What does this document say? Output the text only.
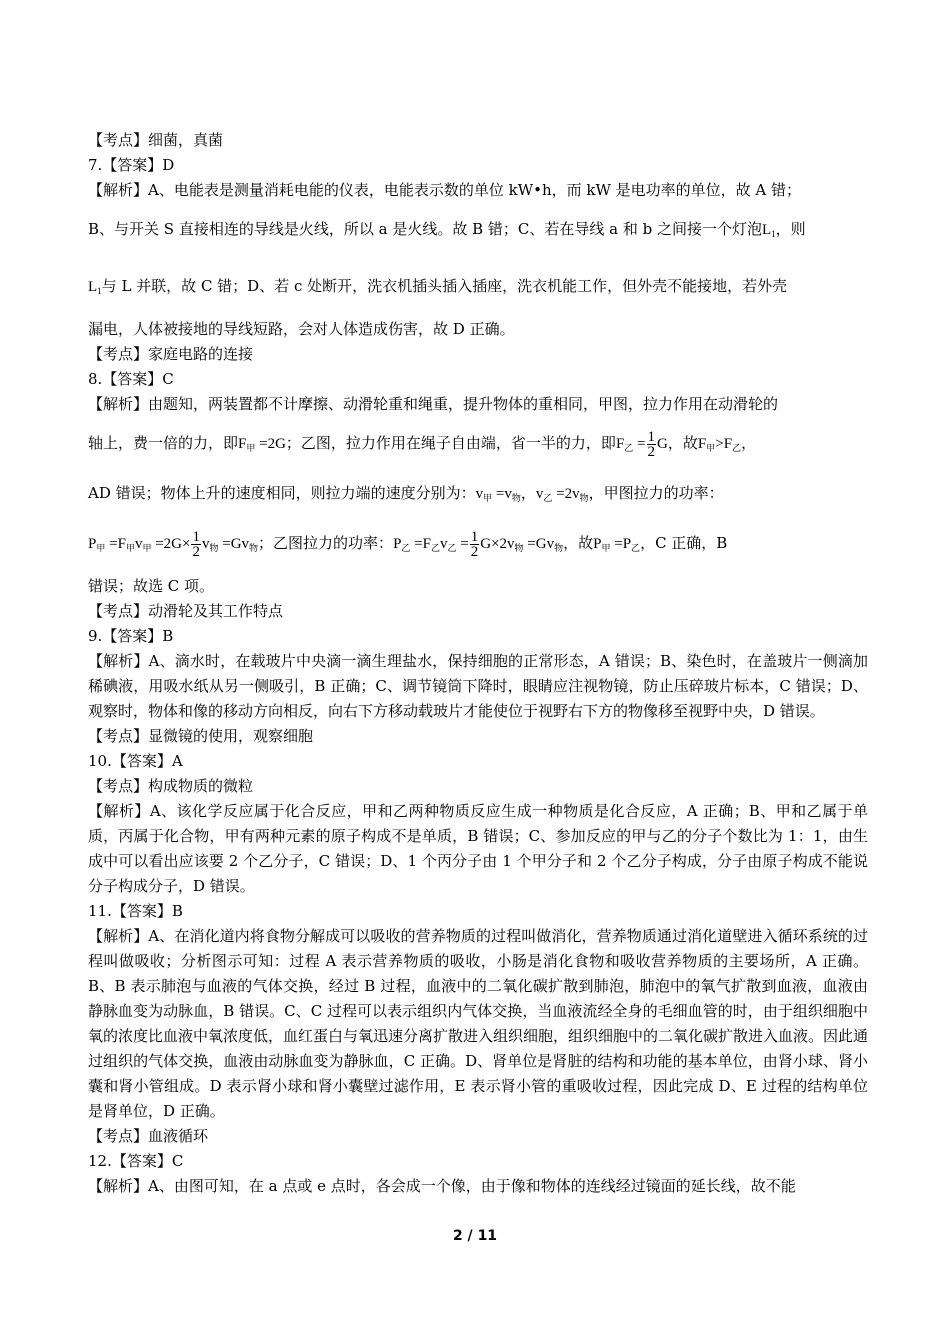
【考点】细菌，真菌

7.【答案】D

【解析】A、电能表是测量消耗电能的仪表，电能表示数的单位 kW•h，而 kW 是电功率的单位，故 A 错；

B、与开关 S 直接相连的导线是火线，所以 a 是火线。故 B 错；C、若在导线 a 和 b 之间接一个灯泡$L_1$，则

$L_1$与 L 并联，故 C 错；D、若 c 处断开，洗衣机插头插入插座，洗衣机能工作，但外壳不能接地，若外壳

漏电，人体被接地的导线短路，会对人体造成伤害，故 D 正确。

【考点】家庭电路的连接

8.【答案】C

【解析】由题知，两装置都不计摩擦、动滑轮重和绳重，提升物体的重相同，甲图，拉力作用在动滑轮的

轴上，费一倍的力，即$F_甲 =2G$；乙图，拉力作用在绳子自由端，省一半的力，即$F_乙 = \frac{1}{2}$ G，故$F_甲>F_乙$，

AD 错误；物体上升的速度相同，则拉力端的速度分别为：$v_甲 =v_物$，$v_乙 =2v_物$，甲图拉力的功率：

$P_甲 =F_甲v_甲 =2G\times \frac{1}{2} v_物 =Gv_物$；乙图拉力的功率：$P_乙 =F_乙v_乙 = \frac{1}{2} G\times 2v_物 =Gv_物$，故$P_甲 =P_乙$，C 正确，B

错误；故选 C 项。

【考点】动滑轮及其工作特点

9.【答案】B

【解析】A、滴水时，在载玻片中央滴一滴生理盐水，保持细胞的正常形态，A 错误；B、染色时，在盖玻片一侧滴加稀碘液，用吸水纸从另一侧吸引，B 正确；C、调节镜筒下降时，眼睛应注视物镜，防止压碎玻片标本，C 错误；D、观察时，物体和像的移动方向相反，向右下方移动载玻片才能使位于视野右下方的物像移至视野中央，D 错误。

【考点】显微镜的使用，观察细胞

10.【答案】A

【考点】构成物质的微粒

【解析】A、该化学反应属于化合反应，甲和乙两种物质反应生成一种物质是化合反应，A 正确；B、甲和乙属于单质，丙属于化合物，甲有两种元素的原子构成不是单质，B 错误；C、参加反应的甲与乙的分子个数比为 1：1，由生成中可以看出应该要 2 个乙分子，C 错误；D、1 个丙分子由 1 个甲分子和 2 个乙分子构成，分子由原子构成不能说分子构成分子，D 错误。

11.【答案】B

【解析】A、在消化道内将食物分解成可以吸收的营养物质的过程叫做消化，营养物质通过消化道壁进入循环系统的过程叫做吸收；分析图示可知：过程 A 表示营养物质的吸收，小肠是消化食物和吸收营养物质的主要场所，A 正确。B、B 表示肺泡与血液的气体交换，经过 B 过程，血液中的二氧化碳扩散到肺泡，肺泡中的氧气扩散到血液，血液由静脉血变为动脉血，B 错误。C、C 过程可以表示组织内气体交换，当血液流经全身的毛细血管的时，由于组织细胞中氧的浓度比血液中氧浓度低，血红蛋白与氧迅速分离扩散进入组织细胞，组织细胞中的二氧化碳扩散进入血液。因此通过组织的气体交换，血液由动脉血变为静脉血，C 正确。D、肾单位是肾脏的结构和功能的基本单位，由肾小球、肾小囊和肾小管组成。D 表示肾小球和肾小囊壁过滤作用，E 表示肾小管的重吸收过程，因此完成 D、E 过程的结构单位是肾单位，D 正确。

【考点】血液循环

12.【答案】C

【解析】A、由图可知，在 a 点或 e 点时，各会成一个像，由于像和物体的连线经过镜面的延长线，故不能

2 / 11
